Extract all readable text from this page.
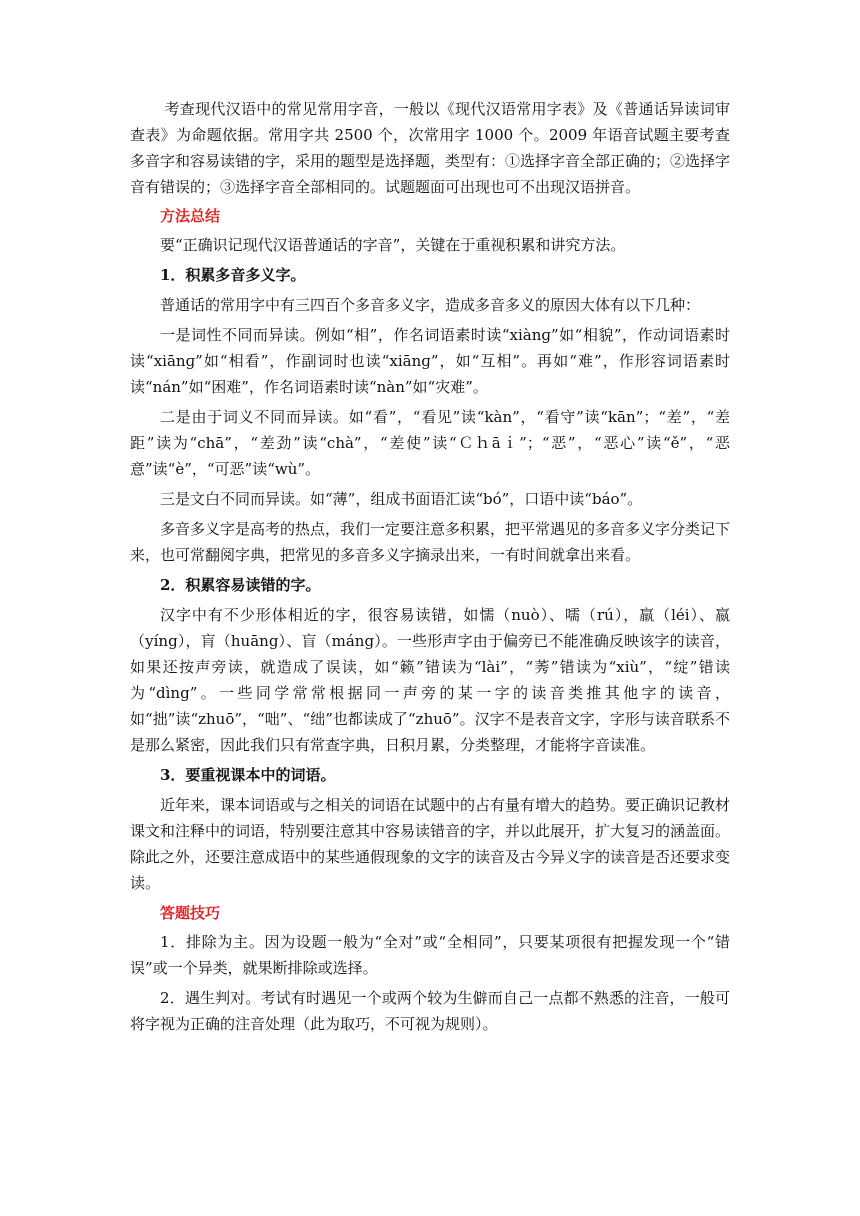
考查现代汉语中的常见常用字音，一般以《现代汉语常用字表》及《普通话异读词审查表》为命题依据。常用字共 2500 个，次常用字 1000 个。2009 年语音试题主要考查多音字和容易读错的字，采用的题型是选择题，类型有：①选择字音全部正确的；②选择字音有错误的；③选择字音全部相同的。试题题面可出现也可不出现汉语拼音。

方法总结

要“正确识记现代汉语普通话的字音”，关键在于重视积累和讲究方法。

1．积累多音多义字。

普通话的常用字中有三四百个多音多义字，造成多音多义的原因大体有以下几种：

一是词性不同而异读。例如“相”，作名词语素时读“xiànɡ”如“相貌”，作动词语素时读“xiānɡ”如“相看”，作副词时也读“xiānɡ”，如“互相”。再如“难”，作形容词语素时读“nán”如“困难”，作名词语素时读“nàn”如“灾难”。

二是由于词义不同而异读。如“看”，“看见”读“kàn”，“看守”读“kān”；“差”，“差距”读为“chā”，“差劲”读“chà”，“差使”读“Ｃｈāｉ”；“恶”，“恶心”读“ě”，“恶意”读“è”，“可恶”读“wù”。

三是文白不同而异读。如“薄”，组成书面语汇读“bó”，口语中读“báo”。

多音多义字是高考的热点，我们一定要注意多积累，把平常遇见的多音多义字分类记下来，也可常翻阅字典，把常见的多音多义字摘录出来，一有时间就拿出来看。

2．积累容易读错的字。

汉字中有不少形体相近的字，很容易读错，如懦（nuò）、嚅（rú），羸（léi）、嬴（yíng），肓（huāng）、盲（máng）。一些形声字由于偏旁已不能准确反映该字的读音，如果还按声旁读，就造成了误读，如“籁”错读为“lài”，“莠”错读为“xiù”，“绽”错读为“dìng”。一些同学常常根据同一声旁的某一字的读音类推其他字的读音，如“拙”读“zhuō”，“咄”、“绌”也都读成了“zhuō”。汉字不是表音文字，字形与读音联系不是那么紧密，因此我们只有常查字典，日积月累，分类整理，才能将字音读准。

3．要重视课本中的词语。

近年来，课本词语或与之相关的词语在试题中的占有量有增大的趋势。要正确识记教材课文和注释中的词语，特别要注意其中容易读错音的字，并以此展开，扩大复习的涵盖面。除此之外，还要注意成语中的某些通假现象的文字的读音及古今异义字的读音是否还要求变读。

答题技巧

1．排除为主。因为设题一般为“全对”或“全相同”，只要某项很有把握发现一个“错误”或一个异类，就果断排除或选择。

2．遇生判对。考试有时遇见一个或两个较为生僻而自己一点都不熟悉的注音，一般可将字视为正确的注音处理（此为取巧，不可视为规则）。
